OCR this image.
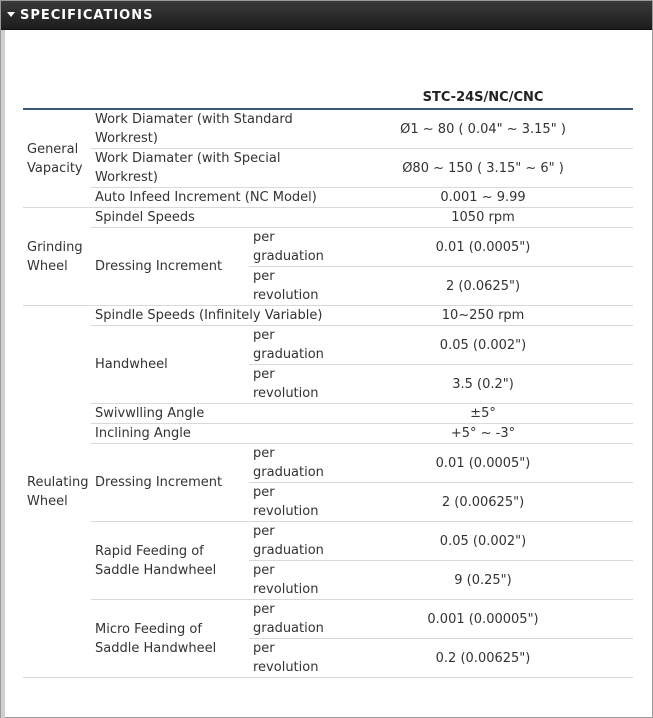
SPECIFICATIONS
			STC-24S/NC/CNC
General Vapacity	Work Diamater (with Standard Workrest)		Ø1 ~ 80 ( 0.04" ~ 3.15" )
	Work Diamater (with Special Workrest)		Ø80 ~ 150 ( 3.15" ~ 6" )
	Auto Infeed Increment (NC Model)		0.001 ~ 9.99
Grinding Wheel	Spindel Speeds		1050 rpm
	Dressing Increment	per graduation	0.01 (0.0005")
		per revolution	2 (0.0625")
Reulating Wheel	Spindle Speeds (Infinitely Variable)		10~250 rpm
	Handwheel	per graduation	0.05 (0.002")
		per revolution	3.5 (0.2")
	Swivwlling Angle		±5°
	Inclining Angle		+5° ~ -3°
	Dressing Increment	per graduation	0.01 (0.0005")
		per revolution	2 (0.00625")
	Rapid Feeding of Saddle Handwheel	per graduation	0.05 (0.002")
		per revolution	9 (0.25")
	Micro Feeding of Saddle Handwheel	per graduation	0.001 (0.00005")
		per revolution	0.2 (0.00625")
